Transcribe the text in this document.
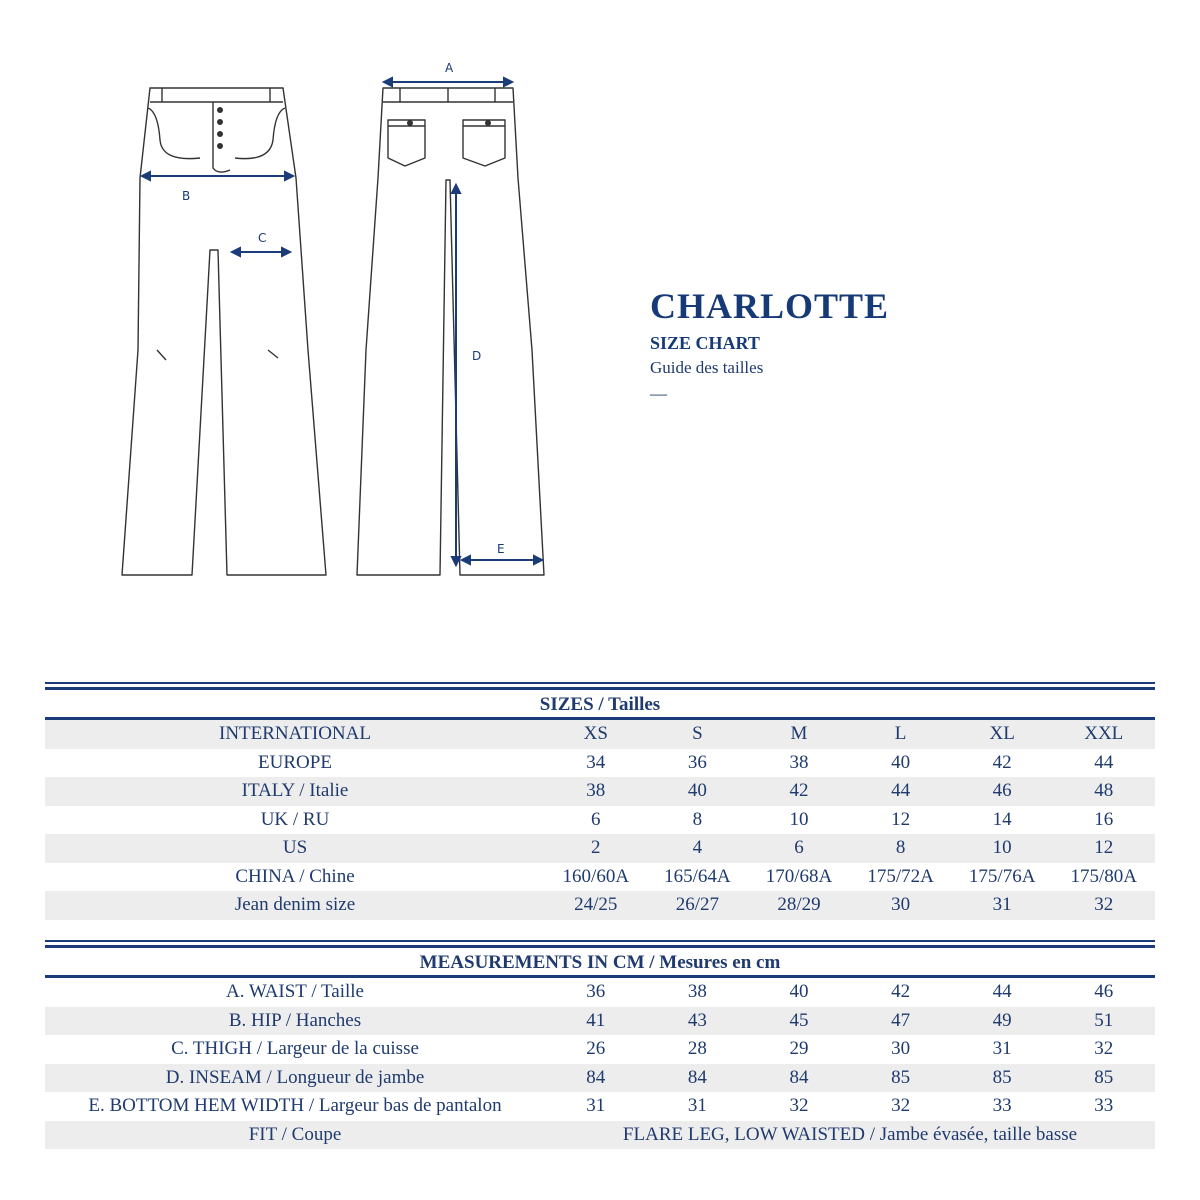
A
B
C
D
E
CHARLOTTE
SIZE CHART
Guide des tailles
—
SIZES / Tailles
INTERNATIONAL	XS	S	M	L	XL	XXL
EUROPE	34	36	38	40	42	44
ITALY / Italie	38	40	42	44	46	48
UK / RU	6	8	10	12	14	16
US	2	4	6	8	10	12
CHINA / Chine	160/60A	165/64A	170/68A	175/72A	175/76A	175/80A
Jean denim size	24/25	26/27	28/29	30	31	32
MEASUREMENTS IN CM / Mesures en cm
A. WAIST / Taille	36	38	40	42	44	46
B. HIP / Hanches	41	43	45	47	49	51
C. THIGH / Largeur de la cuisse	26	28	29	30	31	32
D. INSEAM / Longueur de jambe	84	84	84	85	85	85
E. BOTTOM HEM WIDTH / Largeur bas de pantalon	31	31	32	32	33	33
FIT / Coupe	FLARE LEG, LOW WAISTED / Jambe évasée, taille basse
